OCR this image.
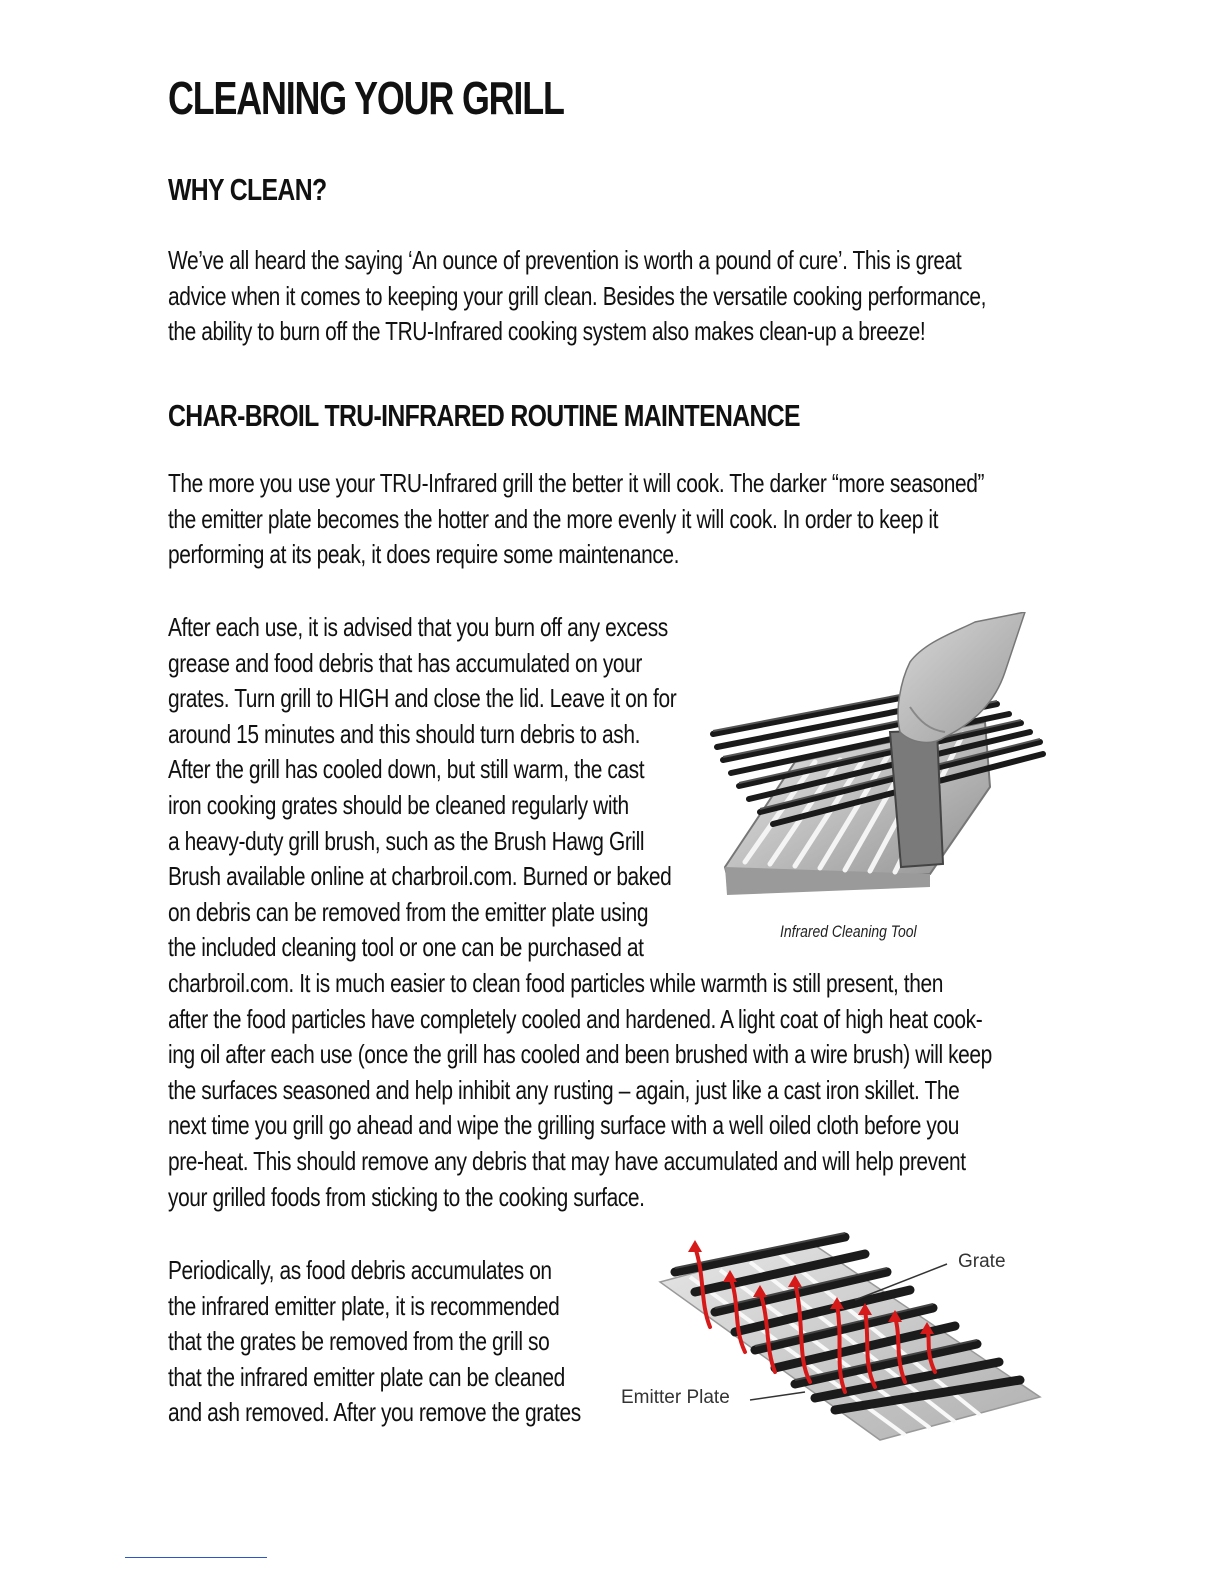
CLEANING YOUR GRILL
WHY CLEAN?
We’ve all heard the saying ‘An ounce of prevention is worth a pound of cure’. This is great
advice when it comes to keeping your grill clean. Besides the versatile cooking performance,
the ability to burn off the TRU-Infrared cooking system also makes clean-up a breeze!
CHAR-BROIL TRU-INFRARED ROUTINE MAINTENANCE
The more you use your TRU-Infrared grill the better it will cook. The darker “more seasoned”
the emitter plate becomes the hotter and the more evenly it will cook. In order to keep it
performing at its peak, it does require some maintenance.
After each use, it is advised that you burn off any excess
grease and food debris that has accumulated on your
grates. Turn grill to HIGH and close the lid. Leave it on for
around 15 minutes and this should turn debris to ash.
After the grill has cooled down, but still warm, the cast
iron cooking grates should be cleaned regularly with
a heavy-duty grill brush, such as the Brush Hawg Grill
Brush available online at charbroil.com. Burned or baked
on debris can be removed from the emitter plate using
the included cleaning tool or one can be purchased at
charbroil.com. It is much easier to clean food particles while warmth is still present, then
after the food particles have completely cooled and hardened. A light coat of high heat cook-
ing oil after each use (once the grill has cooled and been brushed with a wire brush) will keep
the surfaces seasoned and help inhibit any rusting – again, just like a cast iron skillet. The
next time you grill go ahead and wipe the grilling surface with a well oiled cloth before you
pre-heat. This should remove any debris that may have accumulated and will help prevent
your grilled foods from sticking to the cooking surface.
Infrared Cleaning Tool
Periodically, as food debris accumulates on
the infrared emitter plate, it is recommended
that the grates be removed from the grill so
that the infrared emitter plate can be cleaned
and ash removed. After you remove the grates
Grate
Emitter Plate
